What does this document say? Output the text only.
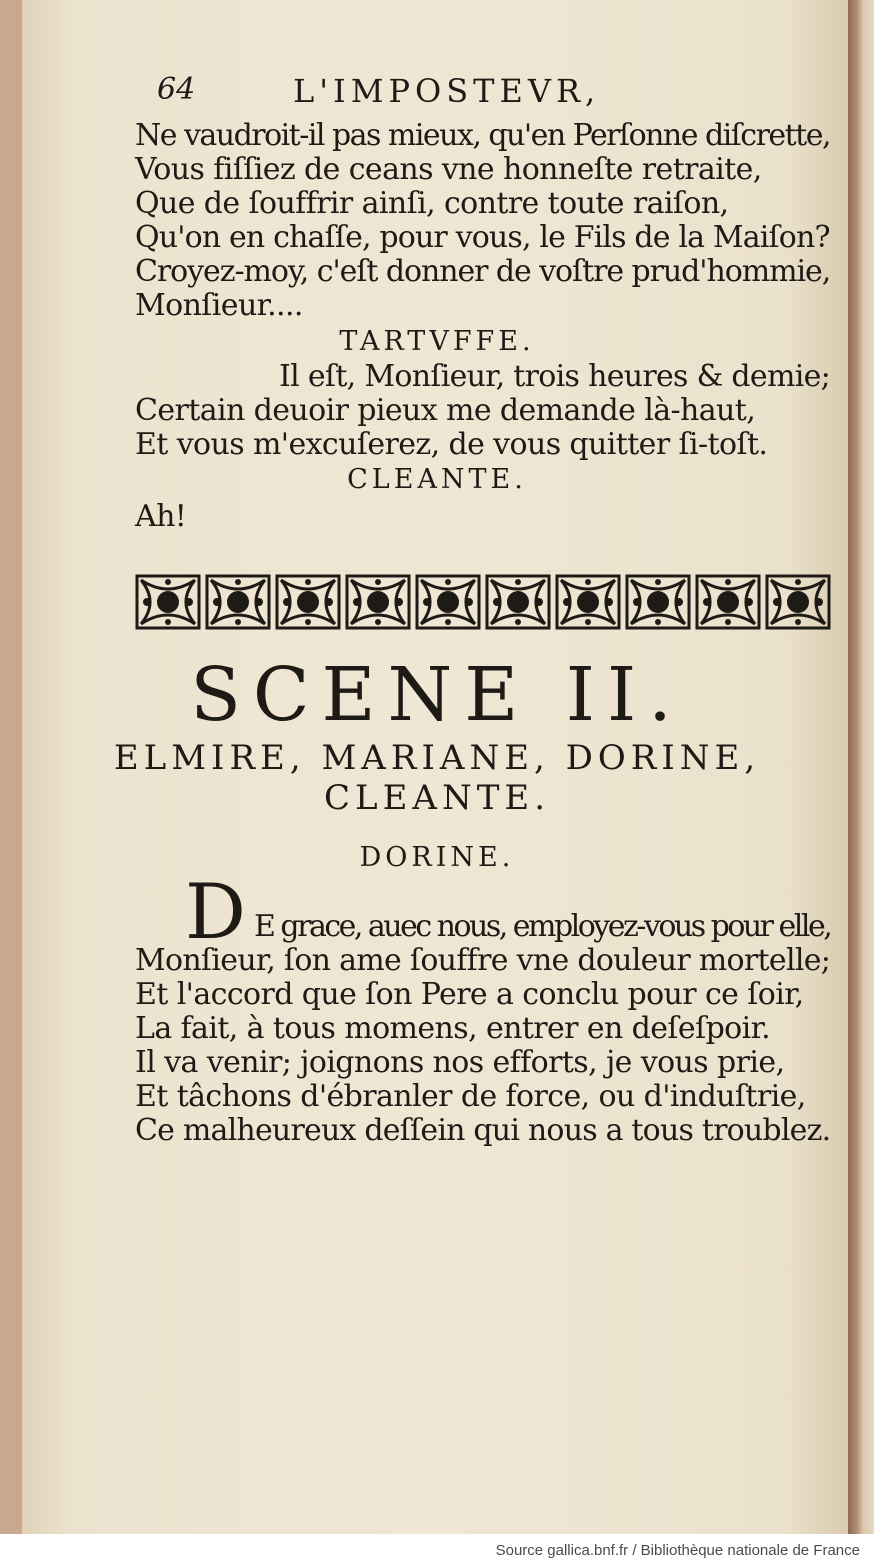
64	L'IMPOSTEVR,
Ne vaudroit-il pas mieux, qu'en Perſonne diſcrette,
Vous fiſſiez de ceans vne honneſte retraite,
Que de ſouffrir ainſi, contre toute raiſon,
Qu'on en chaſſe, pour vous, le Fils de la Maiſon?
Croyez-moy, c'eſt donner de voſtre prud'hommie,
Monſieur....
TARTVFFE.
Il eſt, Monſieur, trois heures & demie;
Certain deuoir pieux me demande là-haut,
Et vous m'excuſerez, de vous quitter ſi-toſt.
CLEANTE.
Ah!
SCENE II.
ELMIRE, MARIANE, DORINE,
CLEANTE.
DORINE.
D E grace, auec nous, employez-vous pour elle,
Monſieur, ſon ame ſouffre vne douleur mortelle;
Et l'accord que ſon Pere a conclu pour ce ſoir,
La fait, à tous momens, entrer en deſeſpoir.
Il va venir; joignons nos efforts, je vous prie,
Et tâchons d'ébranler de force, ou d'induſtrie,
Ce malheureux deſſein qui nous a tous troublez.
Source gallica.bnf.fr / Bibliothèque nationale de France
